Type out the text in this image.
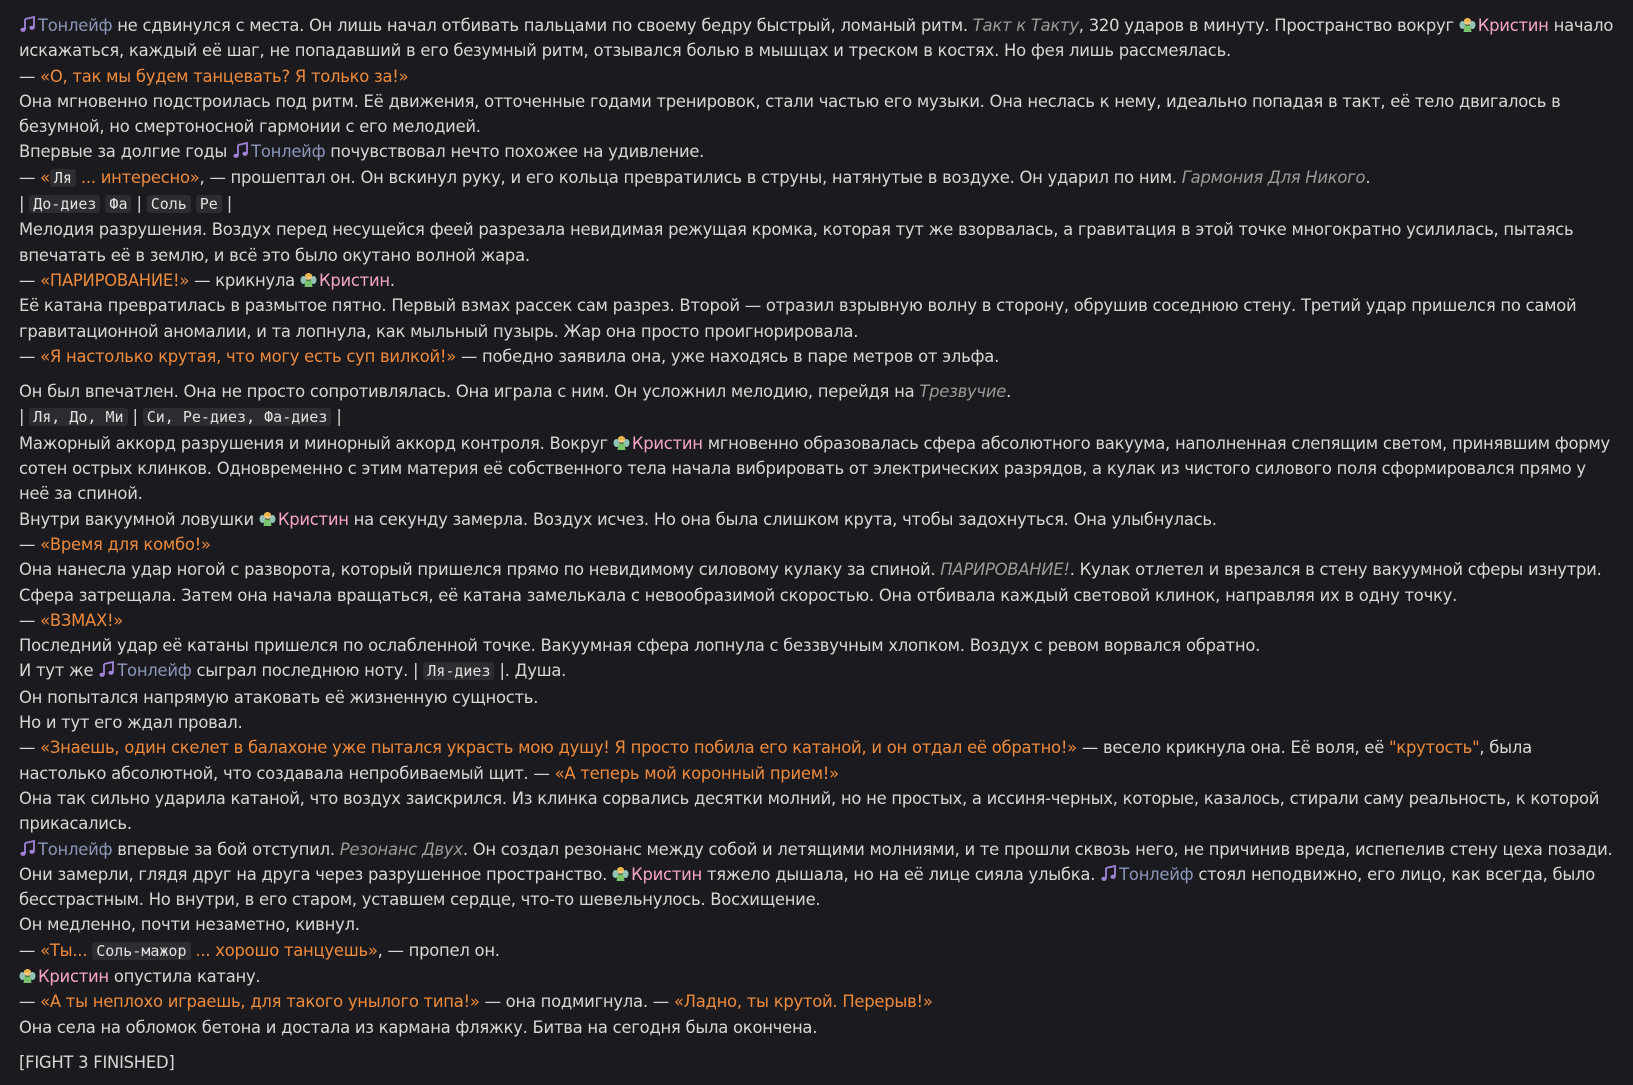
Тонлейф не сдвинулся с места. Он лишь начал отбивать пальцами по своему бедру быстрый, ломаный ритм. Такт к Такту, 320 ударов в минуту. Пространство вокруг
Кристин начало искажаться, каждый её шаг, не попадавший в его безумный ритм, отзывался болью в мышцах и треском в костях. Но фея лишь рассмеялась.
— «О, так мы будем танцевать? Я только за!»
Она мгновенно подстроилась под ритм. Её движения, отточенные годами тренировок, стали частью его музыки. Она неслась к нему, идеально попадая в такт, её тело двигалось в безумной, но смертоносной гармонии с его мелодией.
Впервые за долгие годы
Тонлейф почувствовал нечто похожее на удивление.
— « Ля ... интересно», — прошептал он. Он вскинул руку, и его кольца превратились в струны, натянутые в воздухе. Он ударил по ним. Гармония Для Никого.
| До-диез Фа | Соль Ре |
Мелодия разрушения. Воздух перед несущейся феей разрезала невидимая режущая кромка, которая тут же взорвалась, а гравитация в этой точке многократно усилилась, пытаясь впечатать её в землю, и всё это было окутано волной жара.
— «ПАРИРОВАНИЕ!» — крикнула
Кристин.
Её катана превратилась в размытое пятно. Первый взмах рассек сам разрез. Второй — отразил взрывную волну в сторону, обрушив соседнюю стену. Третий удар пришелся по самой гравитационной аномалии, и та лопнула, как мыльный пузырь. Жар она просто проигнорировала.
— «Я настолько крутая, что могу есть суп вилкой!» — победно заявила она, уже находясь в паре метров от эльфа.
Он был впечатлен. Она не просто сопротивлялась. Она играла с ним. Он усложнил мелодию, перейдя на Трезвучие.
| Ля, До, Ми | Си, Ре-диез, Фа-диез |
Мажорный аккорд разрушения и минорный аккорд контроля. Вокруг
Кристин мгновенно образовалась сфера абсолютного вакуума, наполненная слепящим светом, принявшим форму сотен острых клинков. Одновременно с этим материя её собственного тела начала вибрировать от электрических разрядов, а кулак из чистого силового поля сформировался прямо у неё за спиной.
Внутри вакуумной ловушки
Кристин на секунду замерла. Воздух исчез. Но она была слишком крута, чтобы задохнуться. Она улыбнулась.
— «Время для комбо!»
Она нанесла удар ногой с разворота, который пришелся прямо по невидимому силовому кулаку за спиной. ПАРИРОВАНИЕ!. Кулак отлетел и врезался в стену вакуумной сферы изнутри. Сфера затрещала. Затем она начала вращаться, её катана замелькала с невообразимой скоростью. Она отбивала каждый световой клинок, направляя их в одну точку.
— «ВЗМАХ!»
Последний удар её катаны пришелся по ослабленной точке. Вакуумная сфера лопнула с беззвучным хлопком. Воздух с ревом ворвался обратно.
И тут же
Тонлейф сыграл последнюю ноту. | Ля-диез |. Душа.
Он попытался напрямую атаковать её жизненную сущность.
Но и тут его ждал провал.
— «Знаешь, один скелет в балахоне уже пытался украсть мою душу! Я просто побила его катаной, и он отдал её обратно!» — весело крикнула она. Её воля, её "крутость", была настолько абсолютной, что создавала непробиваемый щит. — «А теперь мой коронный прием!»
Она так сильно ударила катаной, что воздух заискрился. Из клинка сорвались десятки молний, но не простых, а иссиня-черных, которые, казалось, стирали саму реальность, к которой прикасались.
Тонлейф впервые за бой отступил. Резонанс Двух. Он создал резонанс между собой и летящими молниями, и те прошли сквозь него, не причинив вреда, испепелив стену цеха позади.
Они замерли, глядя друг на друга через разрушенное пространство.
Кристин тяжело дышала, но на её лице сияла улыбка.
Тонлейф стоял неподвижно, его лицо, как всегда, было бесстрастным. Но внутри, в его старом, уставшем сердце, что-то шевельнулось. Восхищение.
Он медленно, почти незаметно, кивнул.
— «Ты... Соль-мажор ... хорошо танцуешь», — пропел он.
Кристин опустила катану.
— «А ты неплохо играешь, для такого унылого типа!» — она подмигнула. — «Ладно, ты крутой. Перерыв!»
Она села на обломок бетона и достала из кармана фляжку. Битва на сегодня была окончена.
[FIGHT 3 FINISHED]
